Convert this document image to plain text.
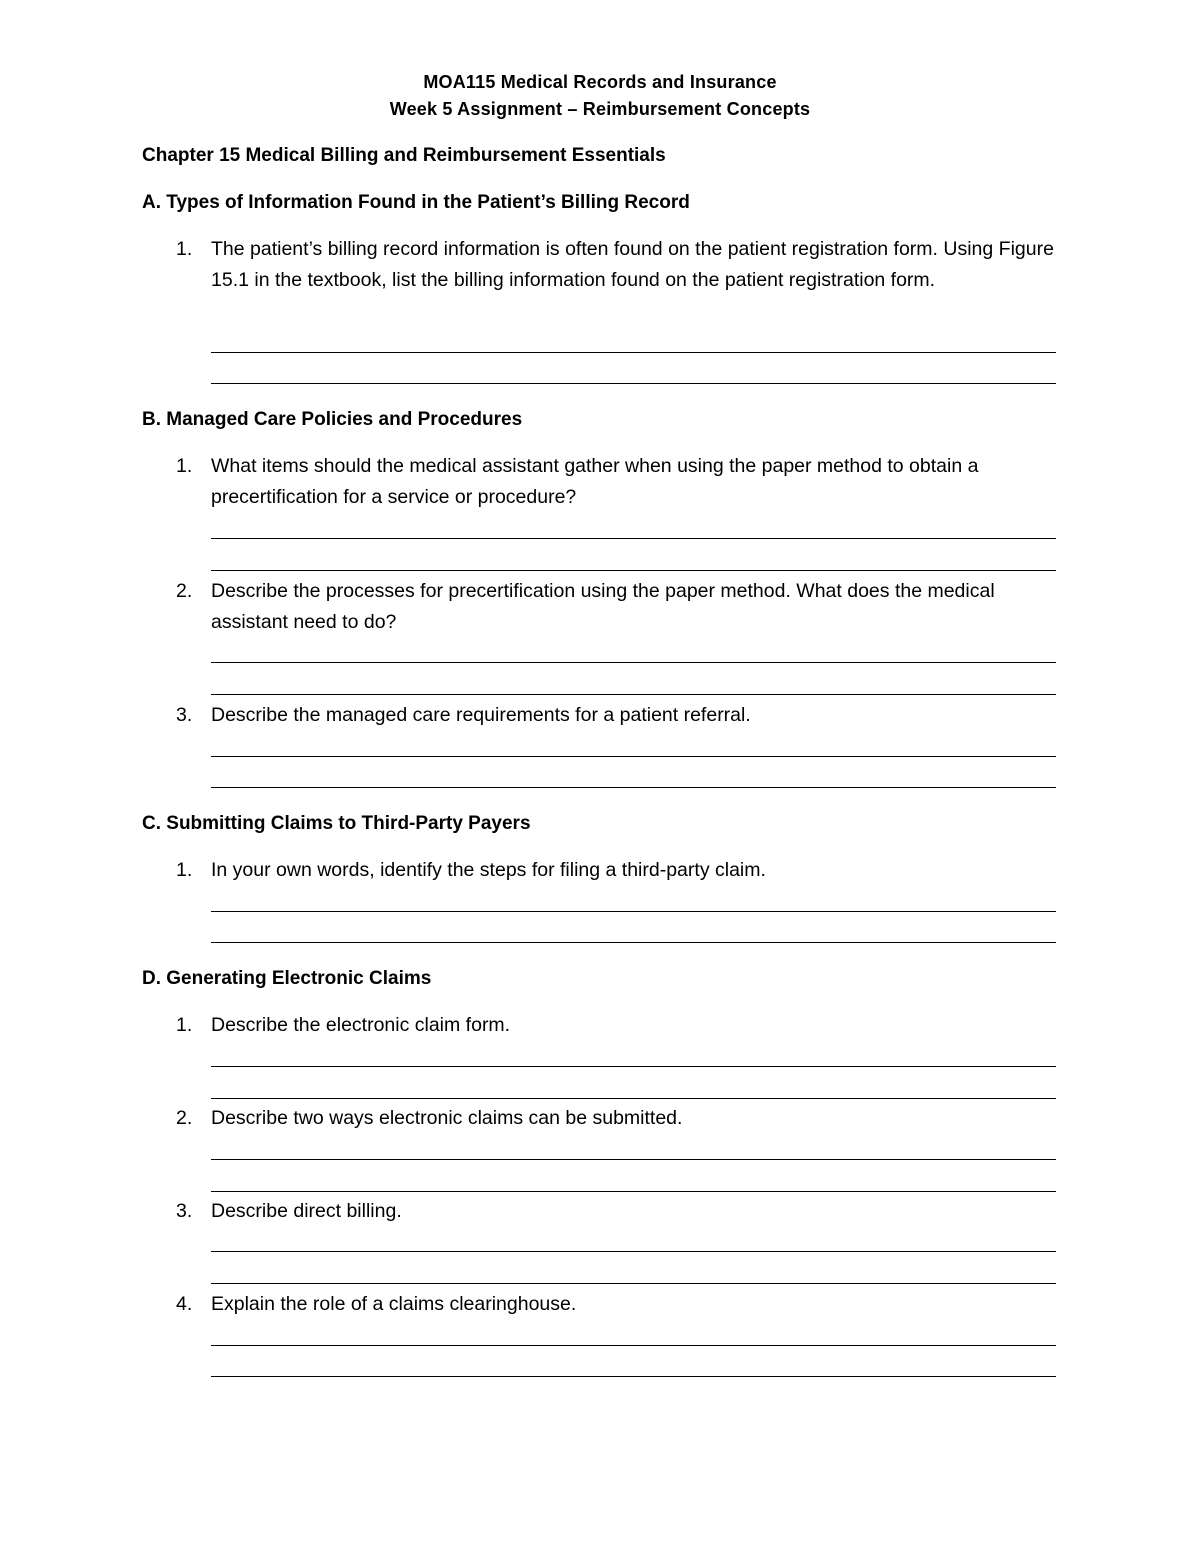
MOA115 Medical Records and Insurance
Week 5 Assignment – Reimbursement Concepts
Chapter 15 Medical Billing and Reimbursement Essentials
A. Types of Information Found in the Patient’s Billing Record
1. The patient’s billing record information is often found on the patient registration form. Using Figure 15.1 in the textbook, list the billing information found on the patient registration form.
B. Managed Care Policies and Procedures
1. What items should the medical assistant gather when using the paper method to obtain a precertification for a service or procedure?
2. Describe the processes for precertification using the paper method. What does the medical assistant need to do?
3. Describe the managed care requirements for a patient referral.
C. Submitting Claims to Third-Party Payers
1. In your own words, identify the steps for filing a third-party claim.
D. Generating Electronic Claims
1. Describe the electronic claim form.
2. Describe two ways electronic claims can be submitted.
3. Describe direct billing.
4. Explain the role of a claims clearinghouse.
